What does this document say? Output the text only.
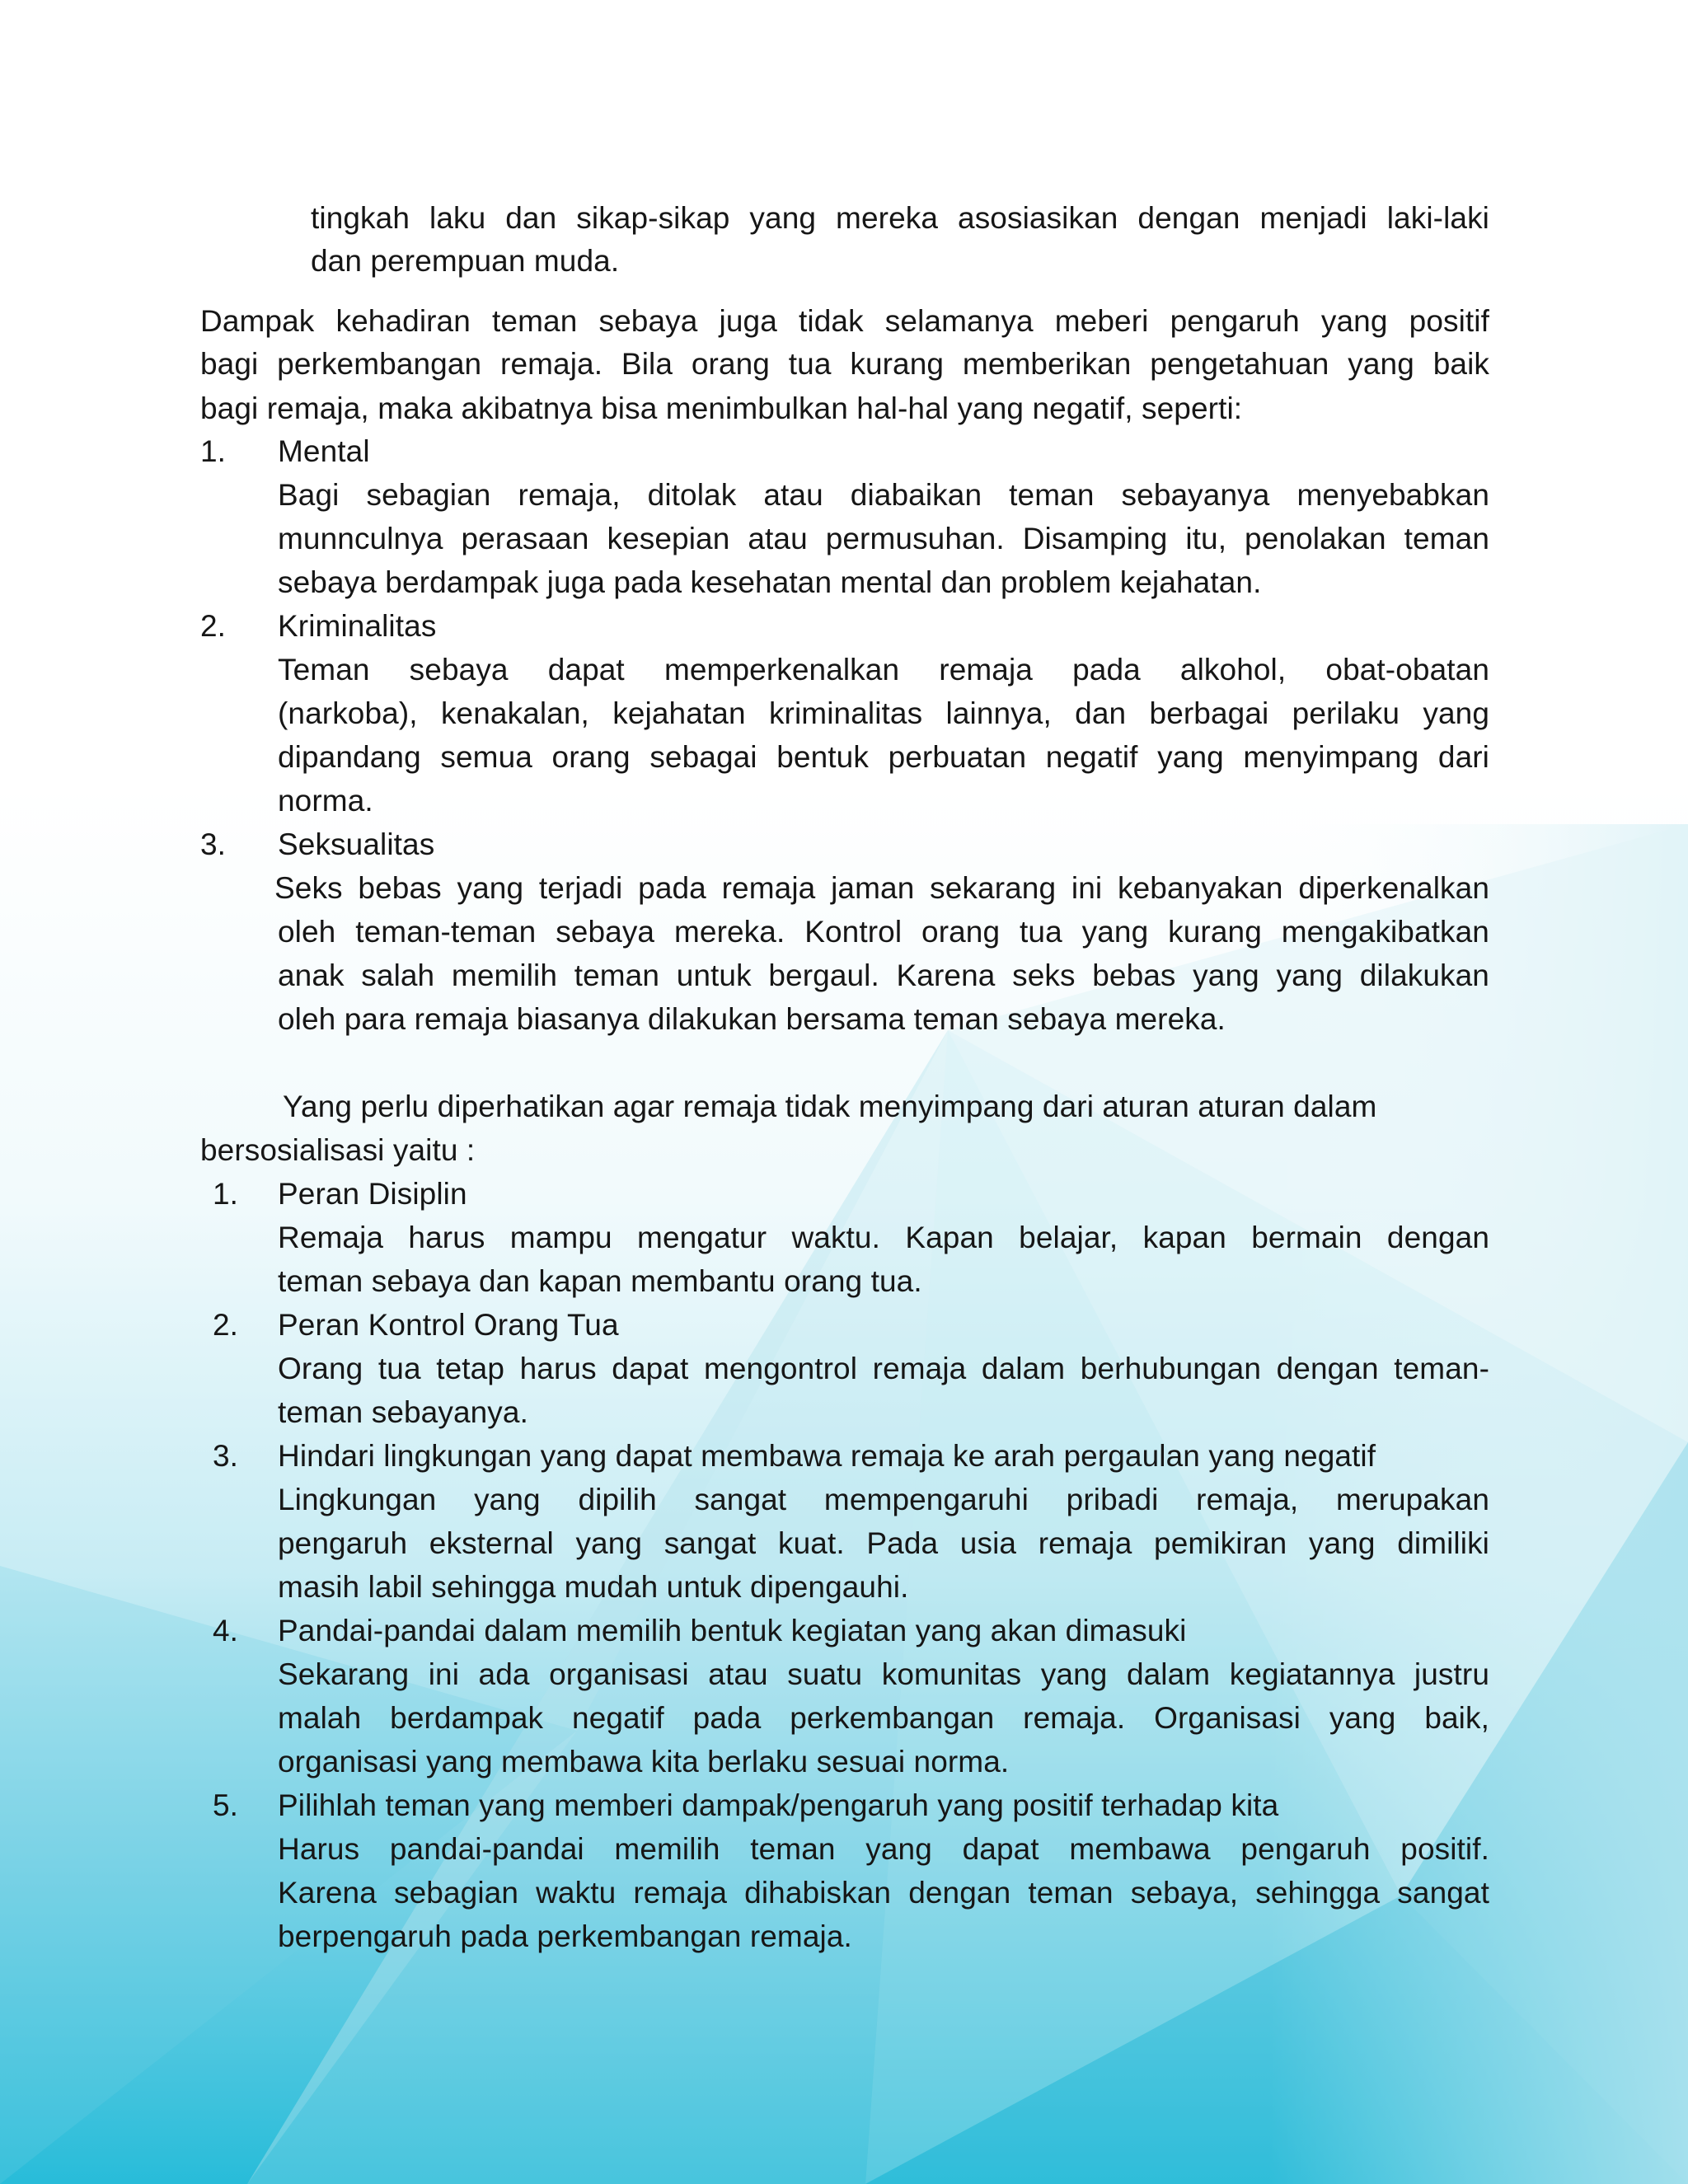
tingkah laku dan sikap-sikap yang mereka asosiasikan dengan menjadi laki-laki

dan perempuan muda.

Dampak kehadiran teman sebaya juga tidak selamanya meberi pengaruh yang positif

bagi perkembangan remaja. Bila orang tua kurang memberikan pengetahuan yang baik

bagi remaja, maka akibatnya bisa menimbulkan hal-hal yang negatif, seperti:

1. Mental

Bagi sebagian remaja, ditolak atau diabaikan teman sebayanya menyebabkan

munnculnya perasaan kesepian atau permusuhan. Disamping itu, penolakan teman

sebaya berdampak juga pada kesehatan mental dan problem kejahatan.

2. Kriminalitas

Teman sebaya dapat memperkenalkan remaja pada alkohol, obat-obatan

(narkoba), kenakalan, kejahatan kriminalitas lainnya, dan berbagai perilaku yang

dipandang semua orang sebagai bentuk perbuatan negatif yang menyimpang dari

norma.

3. Seksualitas

Seks bebas yang terjadi pada remaja jaman sekarang ini kebanyakan diperkenalkan

oleh teman-teman sebaya mereka. Kontrol orang tua yang kurang mengakibatkan

anak salah memilih teman untuk bergaul. Karena seks bebas yang yang dilakukan

oleh para remaja biasanya dilakukan bersama teman sebaya mereka.

Yang perlu diperhatikan agar remaja tidak menyimpang dari aturan aturan dalam

bersosialisasi yaitu :

1. Peran Disiplin

Remaja harus mampu mengatur waktu. Kapan belajar, kapan bermain dengan

teman sebaya dan kapan membantu orang tua.

2. Peran Kontrol Orang Tua

Orang tua tetap harus dapat mengontrol remaja dalam berhubungan dengan teman-

teman sebayanya.

3. Hindari lingkungan yang dapat membawa remaja ke arah pergaulan yang negatif

Lingkungan yang dipilih sangat mempengaruhi pribadi remaja, merupakan

pengaruh eksternal yang sangat kuat. Pada usia remaja pemikiran yang dimiliki

masih labil sehingga mudah untuk dipengauhi.

4. Pandai-pandai dalam memilih bentuk kegiatan yang akan dimasuki

Sekarang ini ada organisasi atau suatu komunitas yang dalam kegiatannya justru

malah berdampak negatif pada perkembangan remaja. Organisasi yang baik,

organisasi yang membawa kita berlaku sesuai norma.

5. Pilihlah teman yang memberi dampak/pengaruh yang positif terhadap kita

Harus pandai-pandai memilih teman yang dapat membawa pengaruh positif.

Karena sebagian waktu remaja dihabiskan dengan teman sebaya, sehingga sangat

berpengaruh pada perkembangan remaja.
